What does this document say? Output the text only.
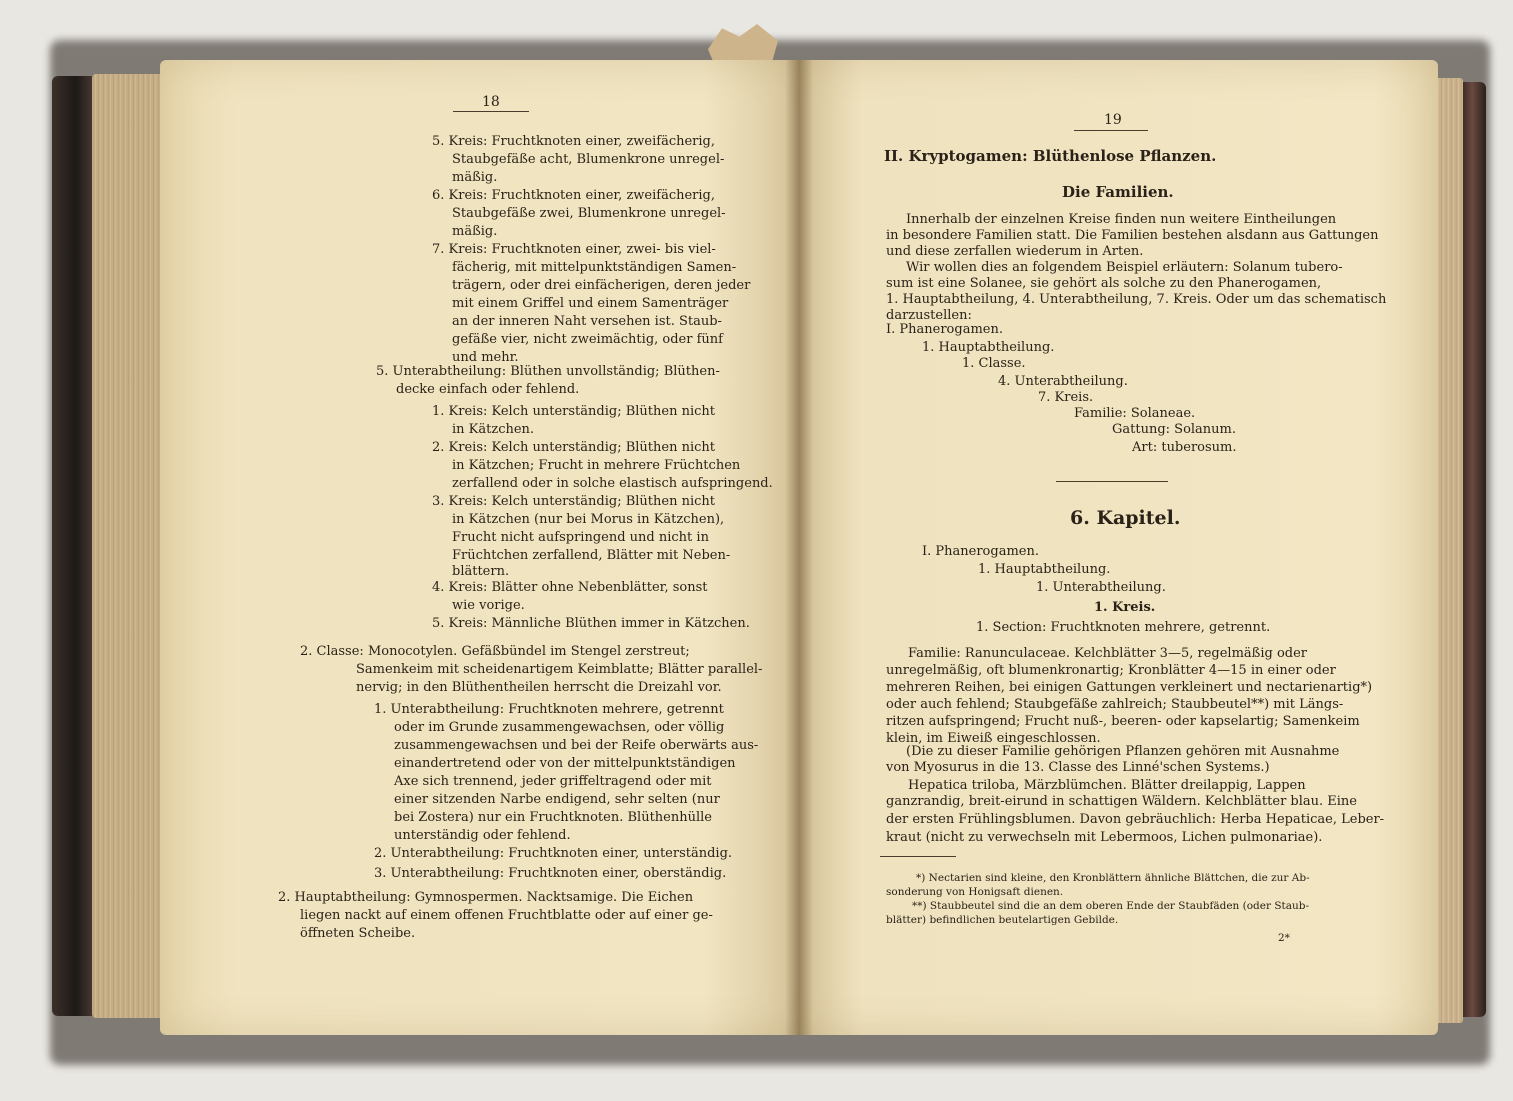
18
5. Kreis: Fruchtknoten einer, zweifächerig,
Staubgefäße acht, Blumenkrone unregel-
mäßig.
6. Kreis: Fruchtknoten einer, zweifächerig,
Staubgefäße zwei, Blumenkrone unregel-
mäßig.
7. Kreis: Fruchtknoten einer, zwei- bis viel-
fächerig, mit mittelpunktständigen Samen-
trägern, oder drei einfächerigen, deren jeder
mit einem Griffel und einem Samenträger
an der inneren Naht versehen ist. Staub-
gefäße vier, nicht zweimächtig, oder fünf
und mehr.
5. Unterabtheilung: Blüthen unvollständig; Blüthen-
decke einfach oder fehlend.
1. Kreis: Kelch unterständig; Blüthen nicht
in Kätzchen.
2. Kreis: Kelch unterständig; Blüthen nicht
in Kätzchen; Frucht in mehrere Früchtchen
zerfallend oder in solche elastisch aufspringend.
3. Kreis: Kelch unterständig; Blüthen nicht
in Kätzchen (nur bei Morus in Kätzchen),
Frucht nicht aufspringend und nicht in
Früchtchen zerfallend, Blätter mit Neben-
blättern.
4. Kreis: Blätter ohne Nebenblätter, sonst
wie vorige.
5. Kreis: Männliche Blüthen immer in Kätzchen.
2. Classe: Monocotylen. Gefäßbündel im Stengel zerstreut;
Samenkeim mit scheidenartigem Keimblatte; Blätter parallel-
nervig; in den Blüthentheilen herrscht die Dreizahl vor.
1. Unterabtheilung: Fruchtknoten mehrere, getrennt
oder im Grunde zusammengewachsen, oder völlig
zusammengewachsen und bei der Reife oberwärts aus-
einandertretend oder von der mittelpunktständigen
Axe sich trennend, jeder griffeltragend oder mit
einer sitzenden Narbe endigend, sehr selten (nur
bei Zostera) nur ein Fruchtknoten. Blüthenhülle
unterständig oder fehlend.
2. Unterabtheilung: Fruchtknoten einer, unterständig.
3. Unterabtheilung: Fruchtknoten einer, oberständig.
2. Hauptabtheilung: Gymnospermen. Nacktsamige. Die Eichen
liegen nackt auf einem offenen Fruchtblatte oder auf einer ge-
öffneten Scheibe.
19
II. Kryptogamen: Blüthenlose Pflanzen.
Die Familien.
Innerhalb der einzelnen Kreise finden nun weitere Eintheilungen
in besondere Familien statt. Die Familien bestehen alsdann aus Gattungen
und diese zerfallen wiederum in Arten.
Wir wollen dies an folgendem Beispiel erläutern: Solanum tubero-
sum ist eine Solanee, sie gehört als solche zu den Phanerogamen,
1. Hauptabtheilung, 4. Unterabtheilung, 7. Kreis. Oder um das schematisch
darzustellen:
I. Phanerogamen.
1. Hauptabtheilung.
1. Classe.
4. Unterabtheilung.
7. Kreis.
Familie: Solaneae.
Gattung: Solanum.
Art: tuberosum.
6. Kapitel.
I. Phanerogamen.
1. Hauptabtheilung.
1. Unterabtheilung.
1. Kreis.
1. Section: Fruchtknoten mehrere, getrennt.
Familie: Ranunculaceae. Kelchblätter 3—5, regelmäßig oder
unregelmäßig, oft blumenkronartig; Kronblätter 4—15 in einer oder
mehreren Reihen, bei einigen Gattungen verkleinert und nectarienartig*)
oder auch fehlend; Staubgefäße zahlreich; Staubbeutel**) mit Längs-
ritzen aufspringend; Frucht nuß-, beeren- oder kapselartig; Samenkeim
klein, im Eiweiß eingeschlossen.
(Die zu dieser Familie gehörigen Pflanzen gehören mit Ausnahme
von Myosurus in die 13. Classe des Linné'schen Systems.)
Hepatica triloba, Märzblümchen. Blätter dreilappig, Lappen
ganzrandig, breit-eirund in schattigen Wäldern. Kelchblätter blau. Eine
der ersten Frühlingsblumen. Davon gebräuchlich: Herba Hepaticae, Leber-
kraut (nicht zu verwechseln mit Lebermoos, Lichen pulmonariae).
*) Nectarien sind kleine, den Kronblättern ähnliche Blättchen, die zur Ab-
sonderung von Honigsaft dienen.
**) Staubbeutel sind die an dem oberen Ende der Staubfäden (oder Staub-
blätter) befindlichen beutelartigen Gebilde.
2*
